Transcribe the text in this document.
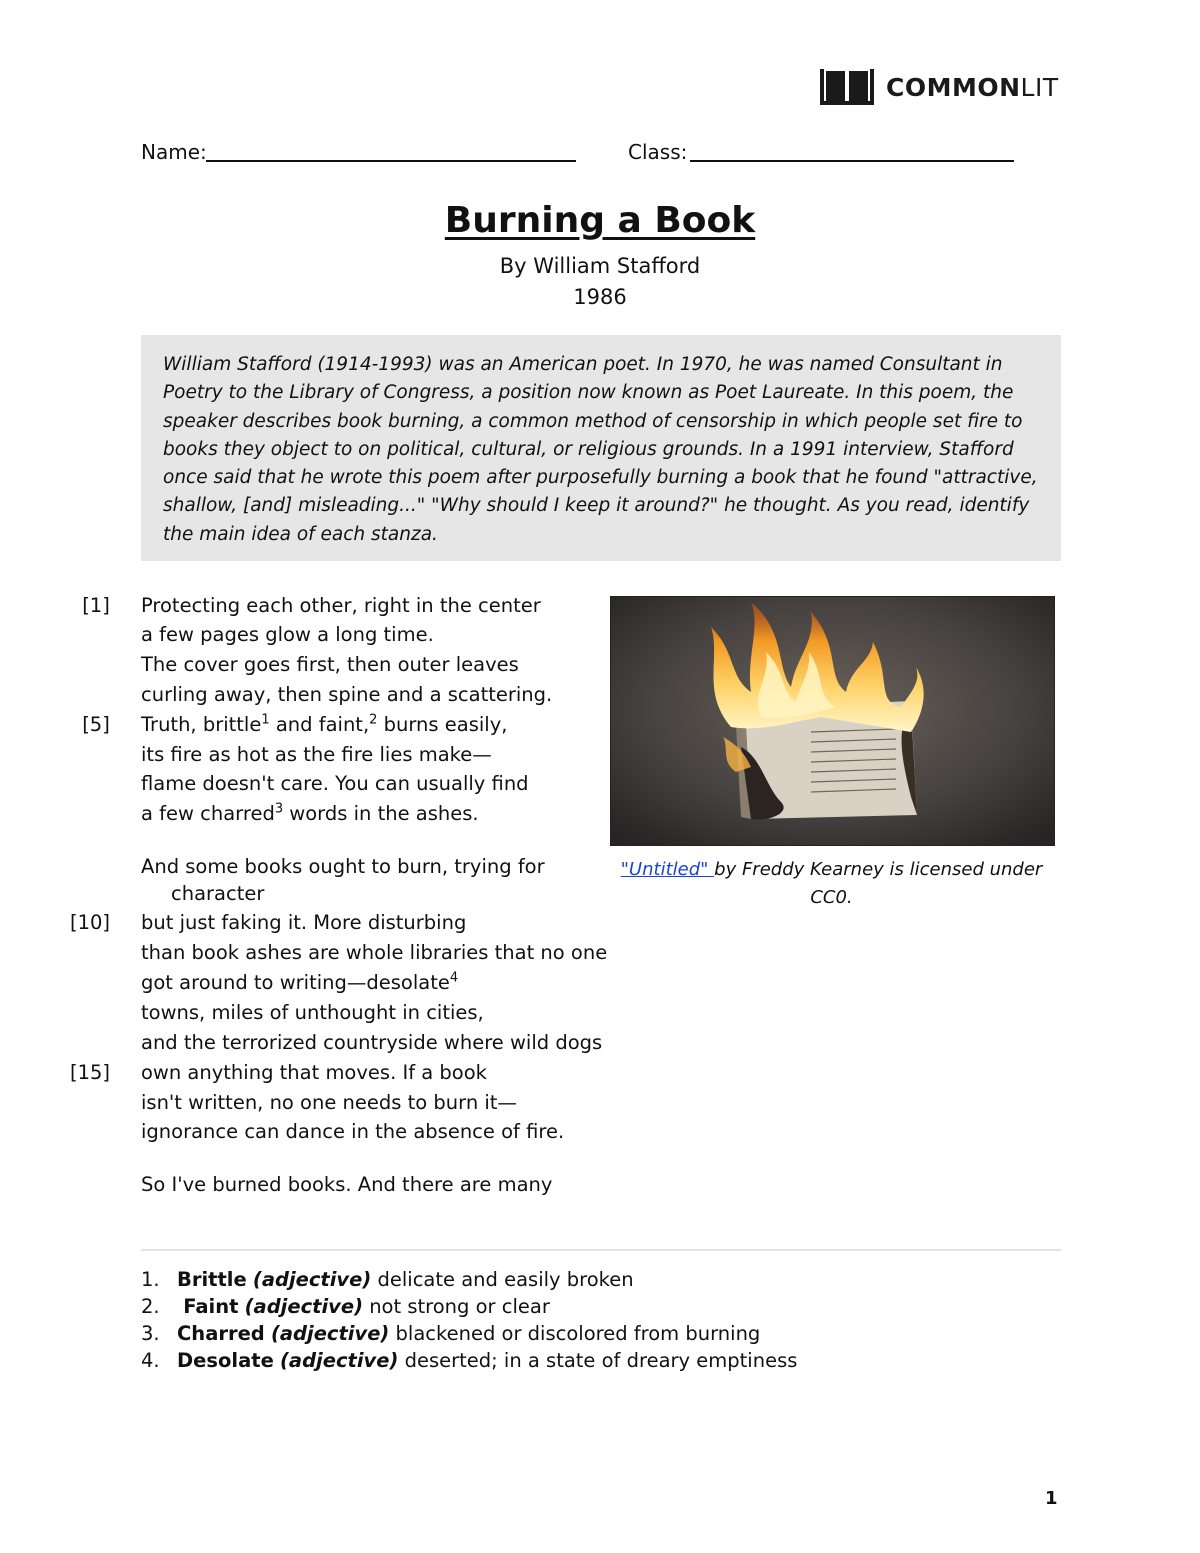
COMMONLIT
Name:	Class:
Burning a Book
By William Stafford
1986
William Stafford (1914-1993) was an American poet. In 1970, he was named Consultant in Poetry to the Library of Congress, a position now known as Poet Laureate. In this poem, the speaker describes book burning, a common method of censorship in which people set fire to books they object to on political, cultural, or religious grounds. In a 1991 interview, Stafford once said that he wrote this poem after purposefully burning a book that he found "attractive, shallow, [and] misleading..." "Why should I keep it around?" he thought. As you read, identify the main idea of each stanza.
[1]
[5]
[10]
[15]
Protecting each other, right in the center
a few pages glow a long time.
The cover goes first, then outer leaves
curling away, then spine and a scattering.
Truth, brittle$^1$ and faint,$^2$ burns easily,
its fire as hot as the fire lies make—
flame doesn't care. You can usually find
a few charred$^3$ words in the ashes.
And some books ought to burn, trying for
character
but just faking it. More disturbing
than book ashes are whole libraries that no one
got around to writing—desolate$^4$
towns, miles of unthought in cities,
and the terrorized countryside where wild dogs
own anything that moves. If a book
isn't written, no one needs to burn it—
ignorance can dance in the absence of fire.
So I've burned books. And there are many
"Untitled" by Freddy Kearney is licensed under
CC0.
1. Brittle (adjective) delicate and easily broken
2. Faint (adjective) not strong or clear
3. Charred (adjective) blackened or discolored from burning
4. Desolate (adjective) deserted; in a state of dreary emptiness
1
